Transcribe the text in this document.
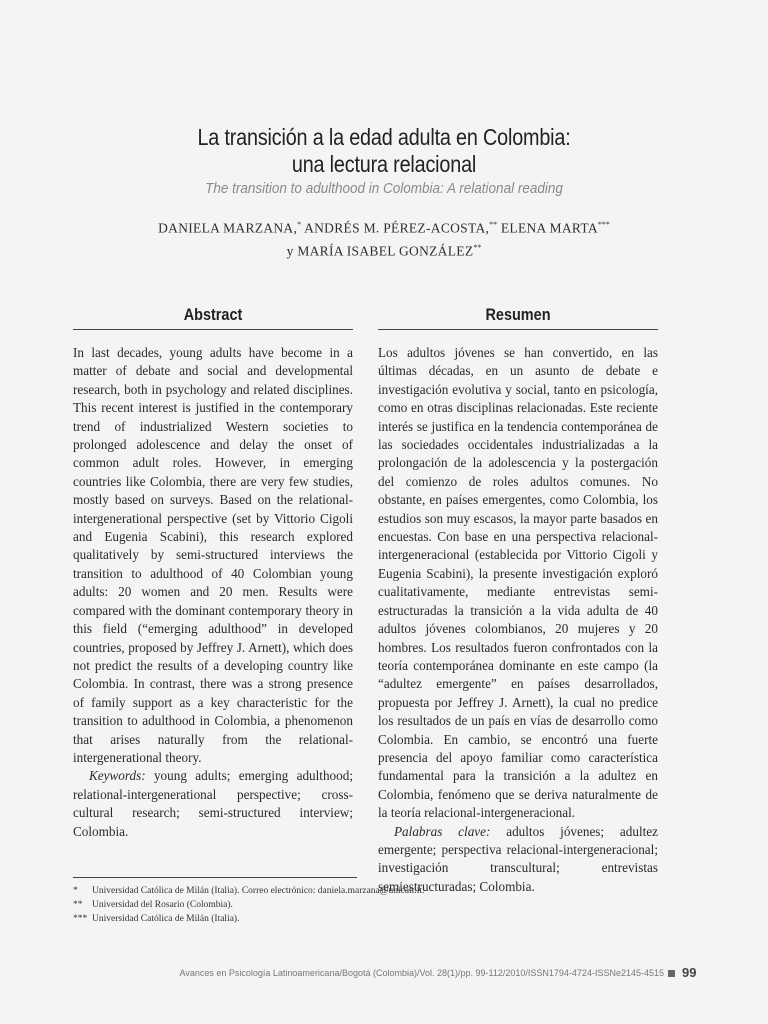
La transición a la edad adulta en Colombia:
una lectura relacional
The transition to adulthood in Colombia: A relational reading
DANIELA MARZANA,* ANDRÉS M. PÉREZ-ACOSTA,** ELENA MARTA***
y MARÍA ISABEL GONZÁLEZ**
Abstract

In last decades, young adults have become in a matter of debate and social and developmental research, both in psychology and related disciplines. This recent interest is justified in the contemporary trend of industrialized Western societies to prolonged adolescence and delay the onset of common adult roles. However, in emerging countries like Colombia, there are very few studies, mostly based on surveys. Based on the relational-intergenerational perspective (set by Vittorio Cigoli and Eugenia Scabini), this research explored qualitatively by semi-structured interviews the transition to adulthood of 40 Colombian young adults: 20 women and 20 men. Results were compared with the dominant contemporary theory in this field (“emerging adulthood” in developed countries, proposed by Jeffrey J. Arnett), which does not predict the results of a developing country like Colombia. In contrast, there was a strong presence of family support as a key characteristic for the transition to adulthood in Colombia, a phenomenon that arises naturally from the relational-intergenerational theory.

Keywords: young adults; emerging adulthood; relational-intergenerational perspective; cross-cultural research; semi-structured interview; Colombia.

Resumen

Los adultos jóvenes se han convertido, en las últimas décadas, en un asunto de debate e investigación evolutiva y social, tanto en psicología, como en otras disciplinas relacionadas. Este reciente interés se justifica en la tendencia contemporánea de las sociedades occidentales industrializadas a la prolongación de la adolescencia y la postergación del comienzo de roles adultos comunes. No obstante, en países emergentes, como Colombia, los estudios son muy escasos, la mayor parte basados en encuestas. Con base en una perspectiva relacional-intergeneracional (establecida por Vittorio Cigoli y Eugenia Scabini), la presente investigación exploró cualitativamente, mediante entrevistas semi-estructuradas la transición a la vida adulta de 40 adultos jóvenes colombianos, 20 mujeres y 20 hombres. Los resultados fueron confrontados con la teoría contemporánea dominante en este campo (la “adultez emergente” en países desarrollados, propuesta por Jeffrey J. Arnett), la cual no predice los resultados de un país en vías de desarrollo como Colombia. En cambio, se encontró una fuerte presencia del apoyo familiar como característica fundamental para la transición a la adultez en Colombia, fenómeno que se deriva naturalmente de la teoría relacional-intergeneracional.

Palabras clave: adultos jóvenes; adultez emergente; perspectiva relacional-intergeneracional; investigación transcultural; entrevistas semiestructuradas; Colombia.

*	Universidad Católica de Milán (Italia). Correo electrónico: daniela.marzana@unicatt.it.
**	Universidad del Rosario (Colombia).
*** Universidad Católica de Milán (Italia).
Avances en Psicología Latinoamericana/Bogotá (Colombia)/Vol. 28(1)/pp. 99-112/2010/ISSN1794-4724-ISSNe2145-4515 99
